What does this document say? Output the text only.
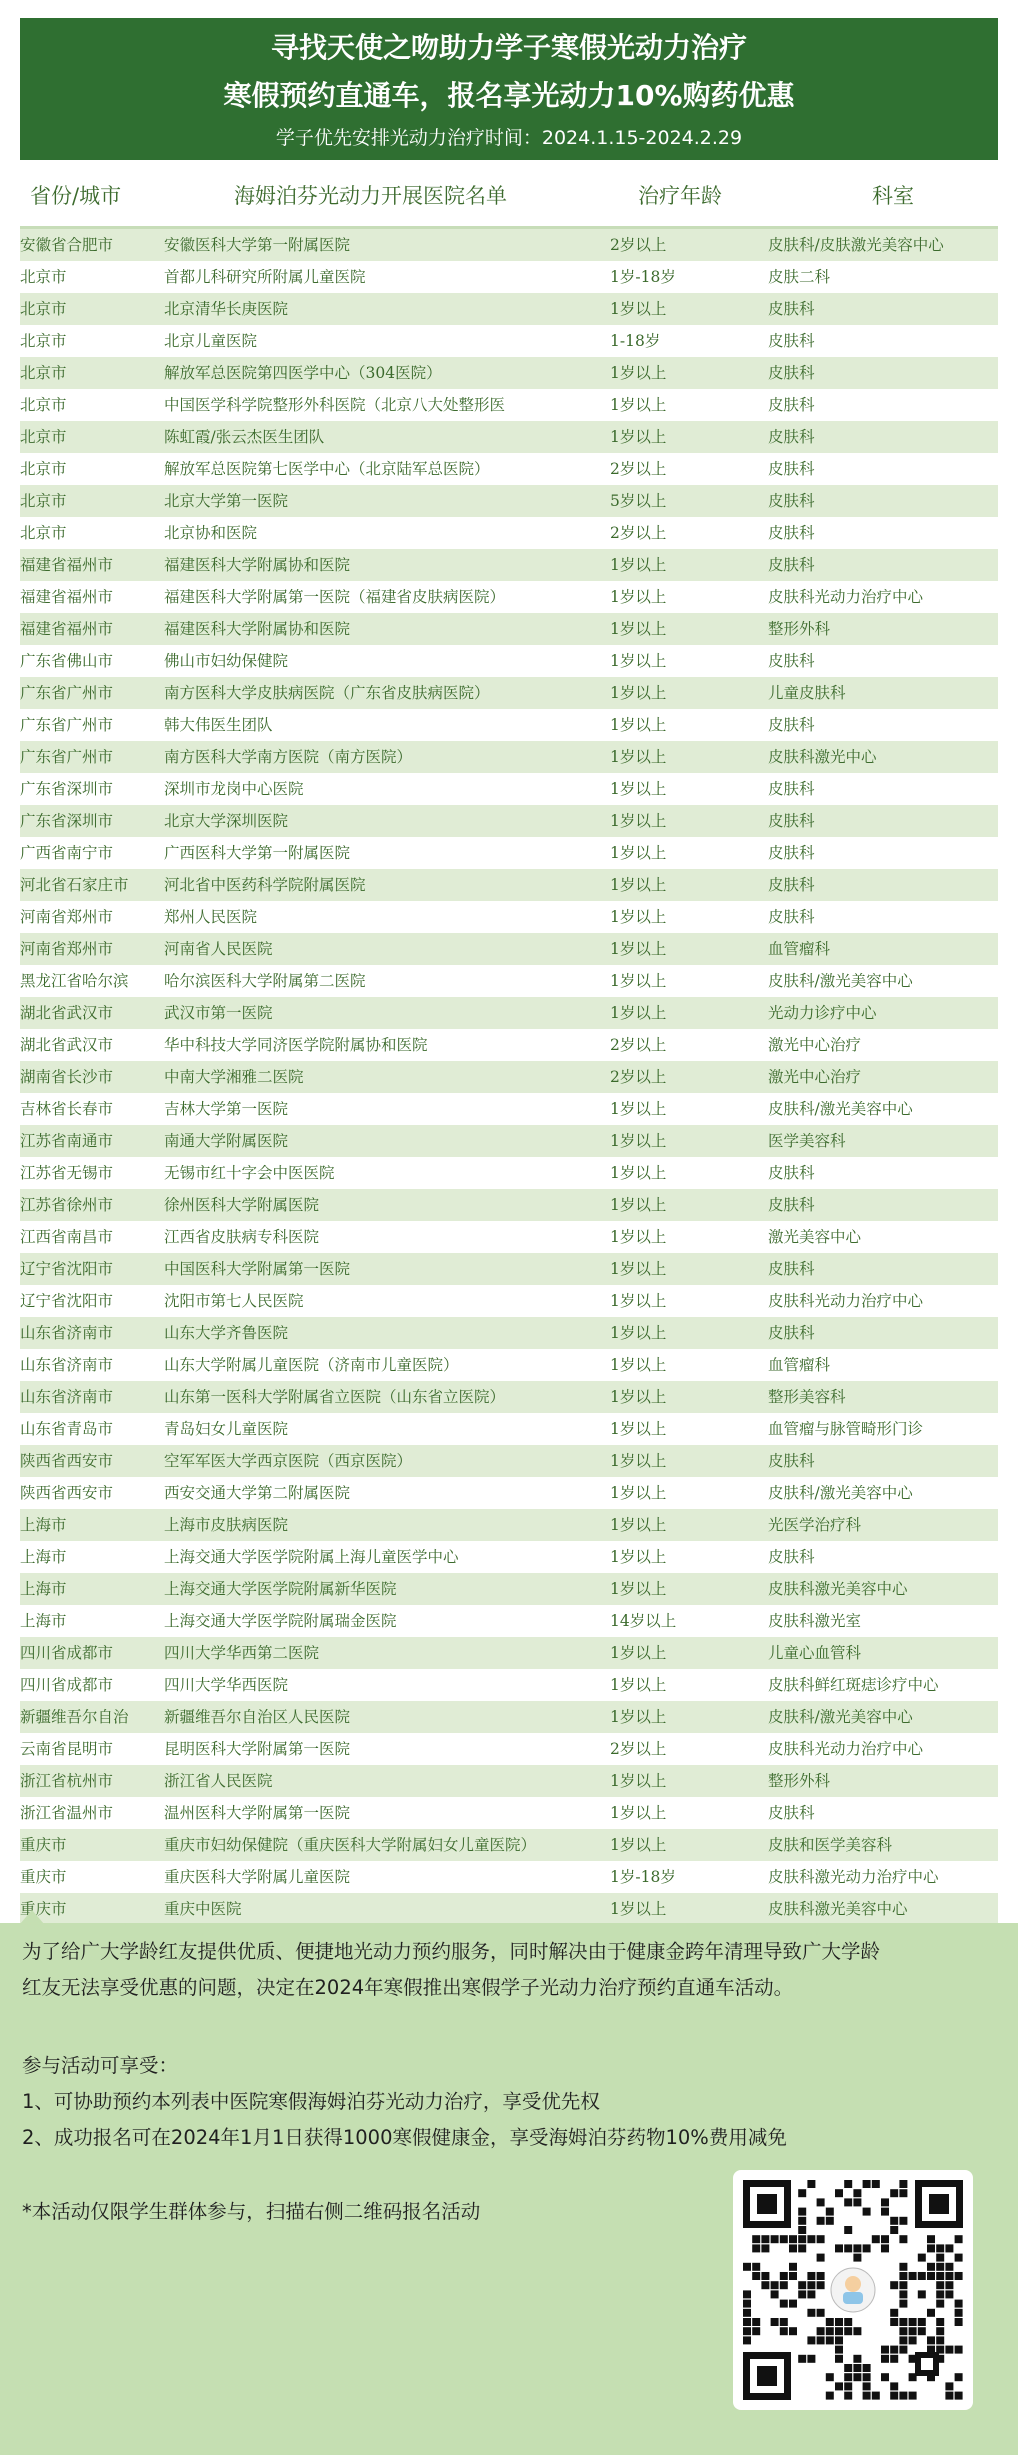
寻找天使之吻助力学子寒假光动力治疗
寒假预约直通车，报名享光动力10%购药优惠
学子优先安排光动力治疗时间：2024.1.15-2024.2.29
省份/城市	海姆泊芬光动力开展医院名单	治疗年龄	科室
安徽省合肥市	安徽医科大学第一附属医院	2岁以上	皮肤科/皮肤激光美容中心
北京市	首都儿科研究所附属儿童医院	1岁-18岁	皮肤二科
北京市	北京清华长庚医院	1岁以上	皮肤科
北京市	北京儿童医院	1-18岁	皮肤科
北京市	解放军总医院第四医学中心（304医院）	1岁以上	皮肤科
北京市	中国医学科学院整形外科医院（北京八大处整形医	1岁以上	皮肤科
北京市	陈虹霞/张云杰医生团队	1岁以上	皮肤科
北京市	解放军总医院第七医学中心（北京陆军总医院）	2岁以上	皮肤科
北京市	北京大学第一医院	5岁以上	皮肤科
北京市	北京协和医院	2岁以上	皮肤科
福建省福州市	福建医科大学附属协和医院	1岁以上	皮肤科
福建省福州市	福建医科大学附属第一医院（福建省皮肤病医院）	1岁以上	皮肤科光动力治疗中心
福建省福州市	福建医科大学附属协和医院	1岁以上	整形外科
广东省佛山市	佛山市妇幼保健院	1岁以上	皮肤科
广东省广州市	南方医科大学皮肤病医院（广东省皮肤病医院）	1岁以上	儿童皮肤科
广东省广州市	韩大伟医生团队	1岁以上	皮肤科
广东省广州市	南方医科大学南方医院（南方医院）	1岁以上	皮肤科激光中心
广东省深圳市	深圳市龙岗中心医院	1岁以上	皮肤科
广东省深圳市	北京大学深圳医院	1岁以上	皮肤科
广西省南宁市	广西医科大学第一附属医院	1岁以上	皮肤科
河北省石家庄市	河北省中医药科学院附属医院	1岁以上	皮肤科
河南省郑州市	郑州人民医院	1岁以上	皮肤科
河南省郑州市	河南省人民医院	1岁以上	血管瘤科
黑龙江省哈尔滨	哈尔滨医科大学附属第二医院	1岁以上	皮肤科/激光美容中心
湖北省武汉市	武汉市第一医院	1岁以上	光动力诊疗中心
湖北省武汉市	华中科技大学同济医学院附属协和医院	2岁以上	激光中心治疗
湖南省长沙市	中南大学湘雅二医院	2岁以上	激光中心治疗
吉林省长春市	吉林大学第一医院	1岁以上	皮肤科/激光美容中心
江苏省南通市	南通大学附属医院	1岁以上	医学美容科
江苏省无锡市	无锡市红十字会中医医院	1岁以上	皮肤科
江苏省徐州市	徐州医科大学附属医院	1岁以上	皮肤科
江西省南昌市	江西省皮肤病专科医院	1岁以上	激光美容中心
辽宁省沈阳市	中国医科大学附属第一医院	1岁以上	皮肤科
辽宁省沈阳市	沈阳市第七人民医院	1岁以上	皮肤科光动力治疗中心
山东省济南市	山东大学齐鲁医院	1岁以上	皮肤科
山东省济南市	山东大学附属儿童医院（济南市儿童医院）	1岁以上	血管瘤科
山东省济南市	山东第一医科大学附属省立医院（山东省立医院）	1岁以上	整形美容科
山东省青岛市	青岛妇女儿童医院	1岁以上	血管瘤与脉管畸形门诊
陕西省西安市	空军军医大学西京医院（西京医院）	1岁以上	皮肤科
陕西省西安市	西安交通大学第二附属医院	1岁以上	皮肤科/激光美容中心
上海市	上海市皮肤病医院	1岁以上	光医学治疗科
上海市	上海交通大学医学院附属上海儿童医学中心	1岁以上	皮肤科
上海市	上海交通大学医学院附属新华医院	1岁以上	皮肤科激光美容中心
上海市	上海交通大学医学院附属瑞金医院	14岁以上	皮肤科激光室
四川省成都市	四川大学华西第二医院	1岁以上	儿童心血管科
四川省成都市	四川大学华西医院	1岁以上	皮肤科鲜红斑痣诊疗中心
新疆维吾尔自治	新疆维吾尔自治区人民医院	1岁以上	皮肤科/激光美容中心
云南省昆明市	昆明医科大学附属第一医院	2岁以上	皮肤科光动力治疗中心
浙江省杭州市	浙江省人民医院	1岁以上	整形外科
浙江省温州市	温州医科大学附属第一医院	1岁以上	皮肤科
重庆市	重庆市妇幼保健院（重庆医科大学附属妇女儿童医院）	1岁以上	皮肤和医学美容科
重庆市	重庆医科大学附属儿童医院	1岁-18岁	皮肤科激光动力治疗中心
重庆市	重庆中医院	1岁以上	皮肤科激光美容中心
为了给广大学龄红友提供优质、便捷地光动力预约服务，同时解决由于健康金跨年清理导致广大学龄
红友无法享受优惠的问题，决定在2024年寒假推出寒假学子光动力治疗预约直通车活动。
参与活动可享受：
1、可协助预约本列表中医院寒假海姆泊芬光动力治疗，享受优先权
2、成功报名可在2024年1月1日获得1000寒假健康金，享受海姆泊芬药物10%费用减免
*本活动仅限学生群体参与，扫描右侧二维码报名活动
